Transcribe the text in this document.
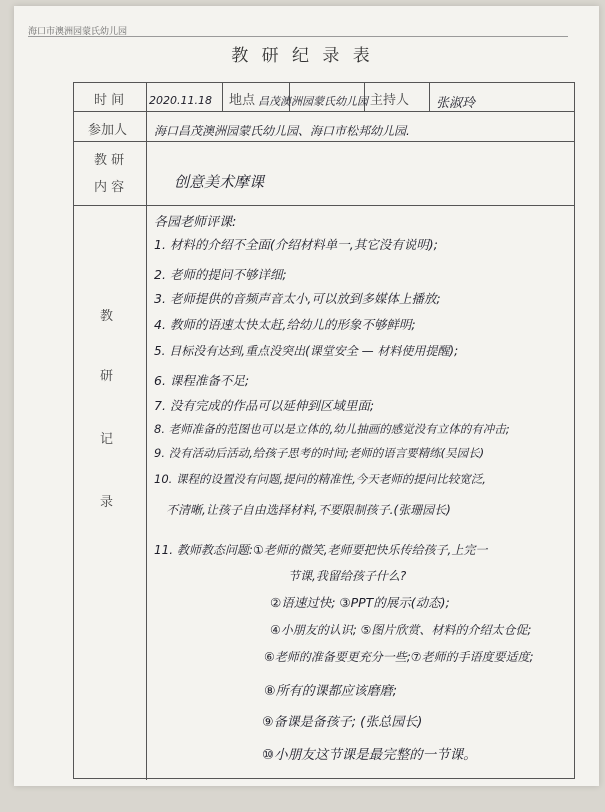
海口市澳洲园蒙氏幼儿园
教 研 纪 录 表
时 间 2020.11.18 地点 昌茂澳洲园蒙氏幼儿园 主持人 张淑玲
参加人 海口昌茂澳洲园蒙氏幼儿园、海口市松邦幼儿园.
教 研
内 容	创意美术摩课
教
研
记
录
各园老师评课:
1. 材料的介绍不全面(介绍材料单一,其它没有说明);
2. 老师的提问不够详细;
3. 老师提供的音频声音太小,可以放到多媒体上播放;
4. 教师的语速太快太赶,给幼儿的形象不够鲜明;
5. 目标没有达到,重点没突出(课堂安全 — 材料使用提醒);
6. 课程准备不足;
7. 没有完成的作品可以延伸到区域里面;
8. 老师准备的范图也可以是立体的,幼儿抽画的感觉没有立体的有冲击;
9. 没有活动后活动,给孩子思考的时间;老师的语言要精练(吴园长)
10. 课程的设置没有问题,提问的精准性,今天老师的提问比较宽泛,
不清晰,让孩子自由选择材料,不要限制孩子.(张珊园长)
11. 教师教态问题:①老师的微笑,老师要把快乐传给孩子,上完一
节课,我留给孩子什么?
②语速过快; ③PPT的展示(动态);
④小朋友的认识; ⑤图片欣赏、材料的介绍太仓促;
⑥老师的准备要更充分一些;⑦老师的手语度要适度;
⑧所有的课都应该磨磨;
⑨备课是备孩子; (张总园长)
⑩小朋友这节课是最完整的一节课。
